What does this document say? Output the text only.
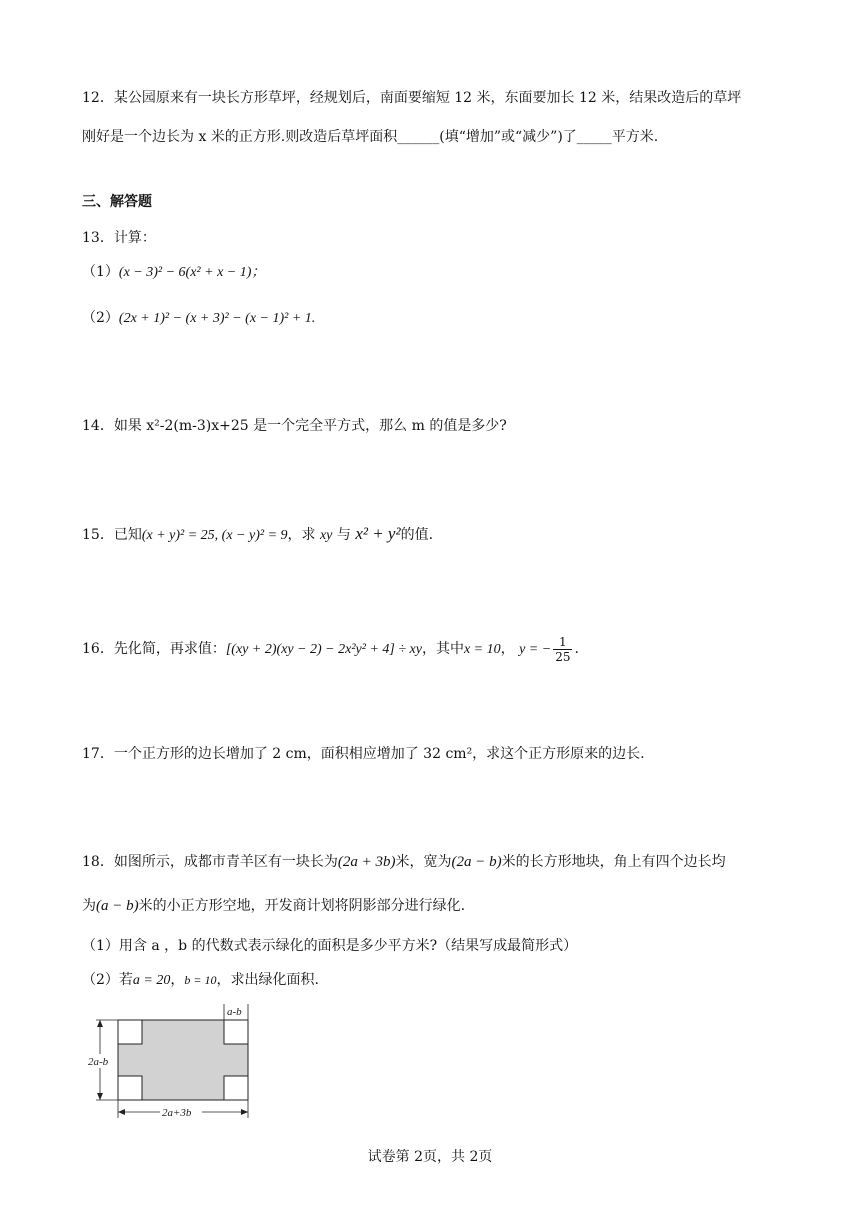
12．某公园原来有一块长方形草坪，经规划后，南面要缩短 12 米，东面要加长 12 米，结果改造后的草坪
刚好是一个边长为 x 米的正方形.则改造后草坪面积______(填“增加”或“减少”)了_____平方米.
三、解答题
13．计算：
（1）(x − 3)² − 6(x² + x − 1)；
（2）(2x + 1)² − (x + 3)² − (x − 1)² + 1.
14．如果 x²-2(m-3)x+25 是一个完全平方式，那么 m 的值是多少?
15．已知(x + y)² = 25, (x − y)² = 9，求 xy 与 x² + y²的值.
16．先化简，再求值：[(xy + 2)(xy − 2) − 2x²y² + 4] ÷ xy，其中x = 10， y = − $\frac{1}{25}$ .
17．一个正方形的边长增加了 2 cm，面积相应增加了 32 cm²，求这个正方形原来的边长.
18．如图所示，成都市青羊区有一块长为(2a + 3b)米，宽为(2a − b)米的长方形地块，角上有四个边长均
为(a − b)米的小正方形空地，开发商计划将阴影部分进行绿化.
（1）用含 a ，b 的代数式表示绿化的面积是多少平方米?（结果写成最简形式）
（2）若a = 20，b = 10，求出绿化面积.
a-b
2a-b
2a+3b
试卷第 2页，共 2页
